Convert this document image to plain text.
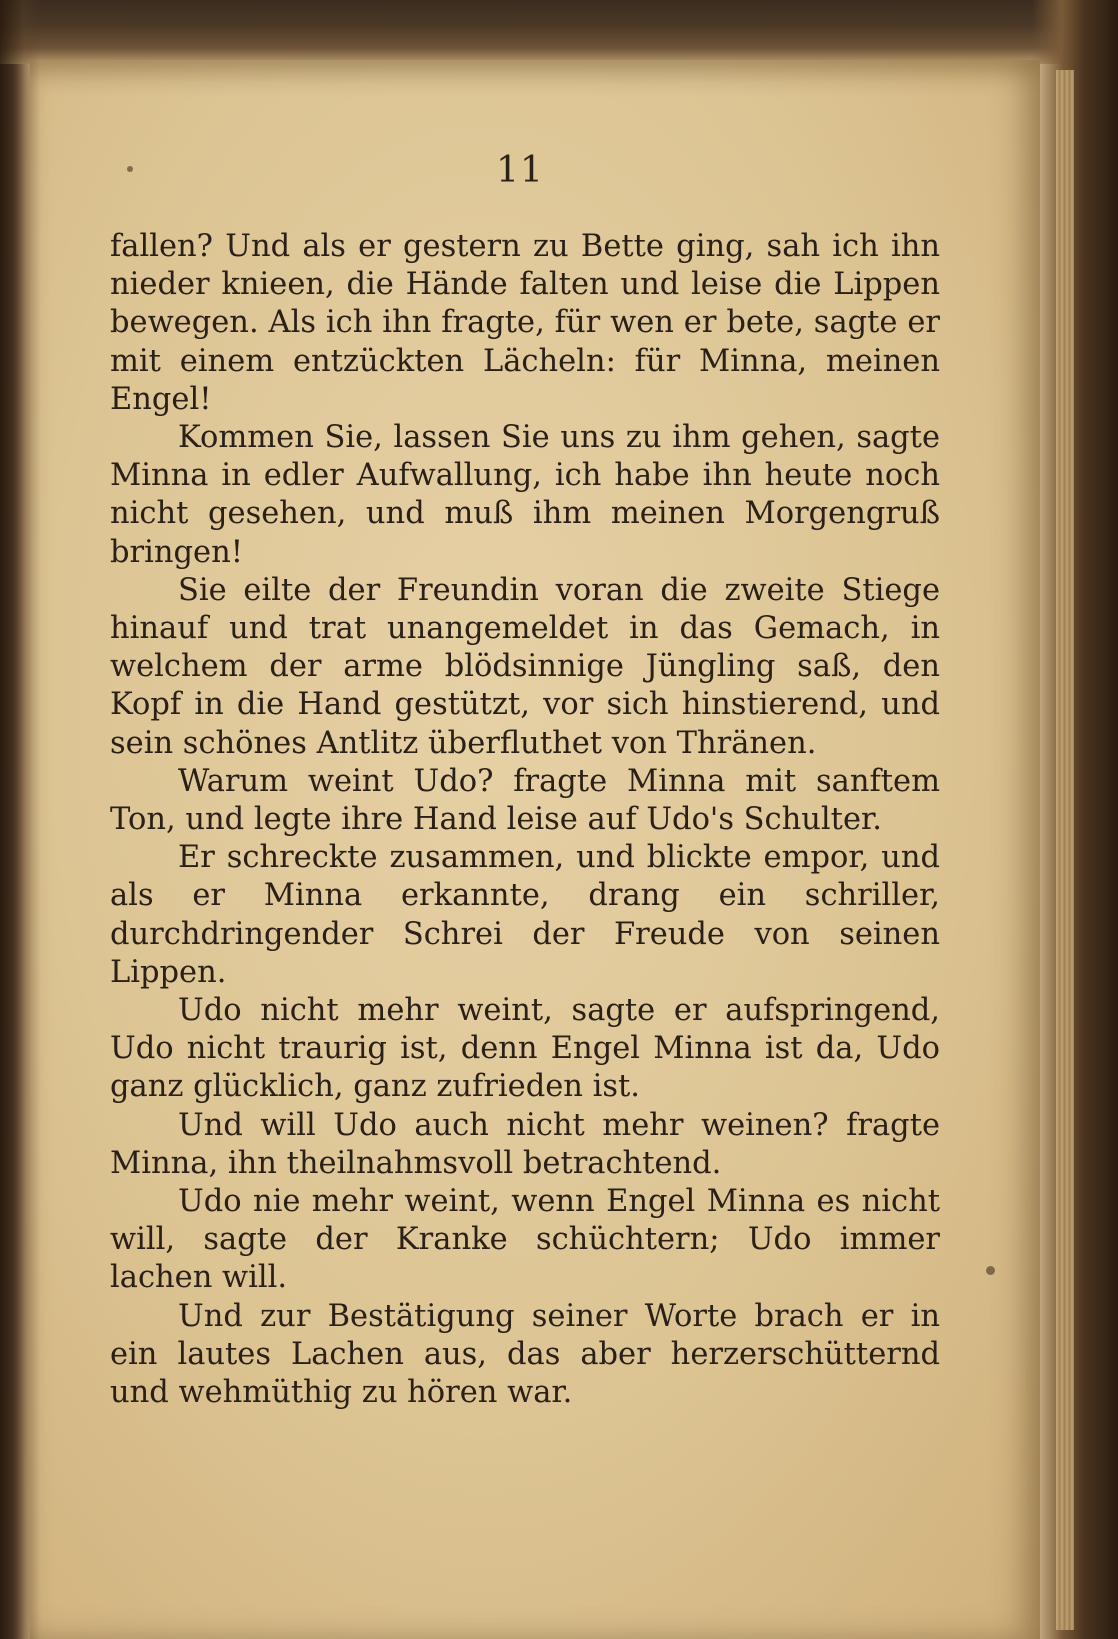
11

fallen? Und als er gestern zu Bette ging, sah ich ihn nieder knieen, die Hände falten und leise die Lippen bewegen. Als ich ihn fragte, für wen er bete, sagte er mit einem entzückten Lächeln: für Minna, meinen Engel!

Kommen Sie, lassen Sie uns zu ihm gehen, sagte Minna in edler Aufwallung, ich habe ihn heute noch nicht gesehen, und muß ihm meinen Morgengruß bringen!

Sie eilte der Freundin voran die zweite Stiege hinauf und trat unangemeldet in das Gemach, in welchem der arme blödsinnige Jüngling saß, den Kopf in die Hand gestützt, vor sich hinstierend, und sein schönes Antlitz überfluthet von Thränen.

Warum weint Udo? fragte Minna mit sanftem Ton, und legte ihre Hand leise auf Udo's Schulter.

Er schreckte zusammen, und blickte empor, und als er Minna erkannte, drang ein schriller, durchdringender Schrei der Freude von seinen Lippen.

Udo nicht mehr weint, sagte er aufspringend, Udo nicht traurig ist, denn Engel Minna ist da, Udo ganz glücklich, ganz zufrieden ist.

Und will Udo auch nicht mehr weinen? fragte Minna, ihn theilnahmsvoll betrachtend.

Udo nie mehr weint, wenn Engel Minna es nicht will, sagte der Kranke schüchtern; Udo immer lachen will.

Und zur Bestätigung seiner Worte brach er in ein lautes Lachen aus, das aber herzerschütternd und wehmüthig zu hören war.
